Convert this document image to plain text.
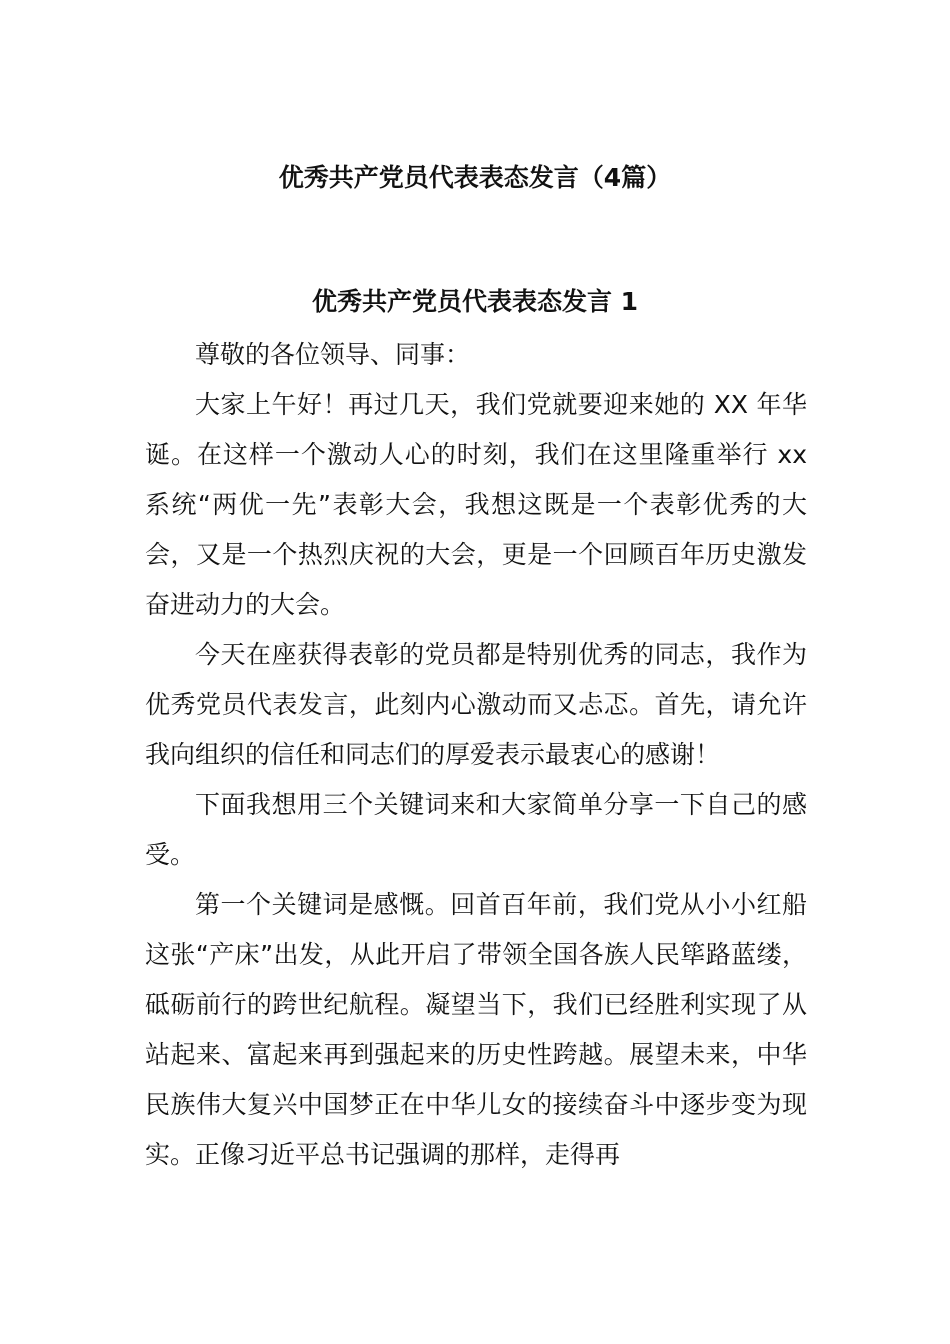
优秀共产党员代表表态发言（4篇）
优秀共产党员代表表态发言 1

尊敬的各位领导、同事：

大家上午好！再过几天，我们党就要迎来她的 XX 年华诞。在这样一个激动人心的时刻，我们在这里隆重举行 xx 系统“两优一先”表彰大会，我想这既是一个表彰优秀的大会，又是一个热烈庆祝的大会，更是一个回顾百年历史激发奋进动力的大会。

今天在座获得表彰的党员都是特别优秀的同志，我作为优秀党员代表发言，此刻内心激动而又忐忑。首先，请允许我向组织的信任和同志们的厚爱表示最衷心的感谢！

下面我想用三个关键词来和大家简单分享一下自己的感受。

第一个关键词是感慨。回首百年前，我们党从小小红船这张“产床”出发，从此开启了带领全国各族人民筚路蓝缕，砥砺前行的跨世纪航程。凝望当下，我们已经胜利实现了从站起来、富起来再到强起来的历史性跨越。展望未来，中华民族伟大复兴中国梦正在中华儿女的接续奋斗中逐步变为现实。正像习近平总书记强调的那样，走得再
